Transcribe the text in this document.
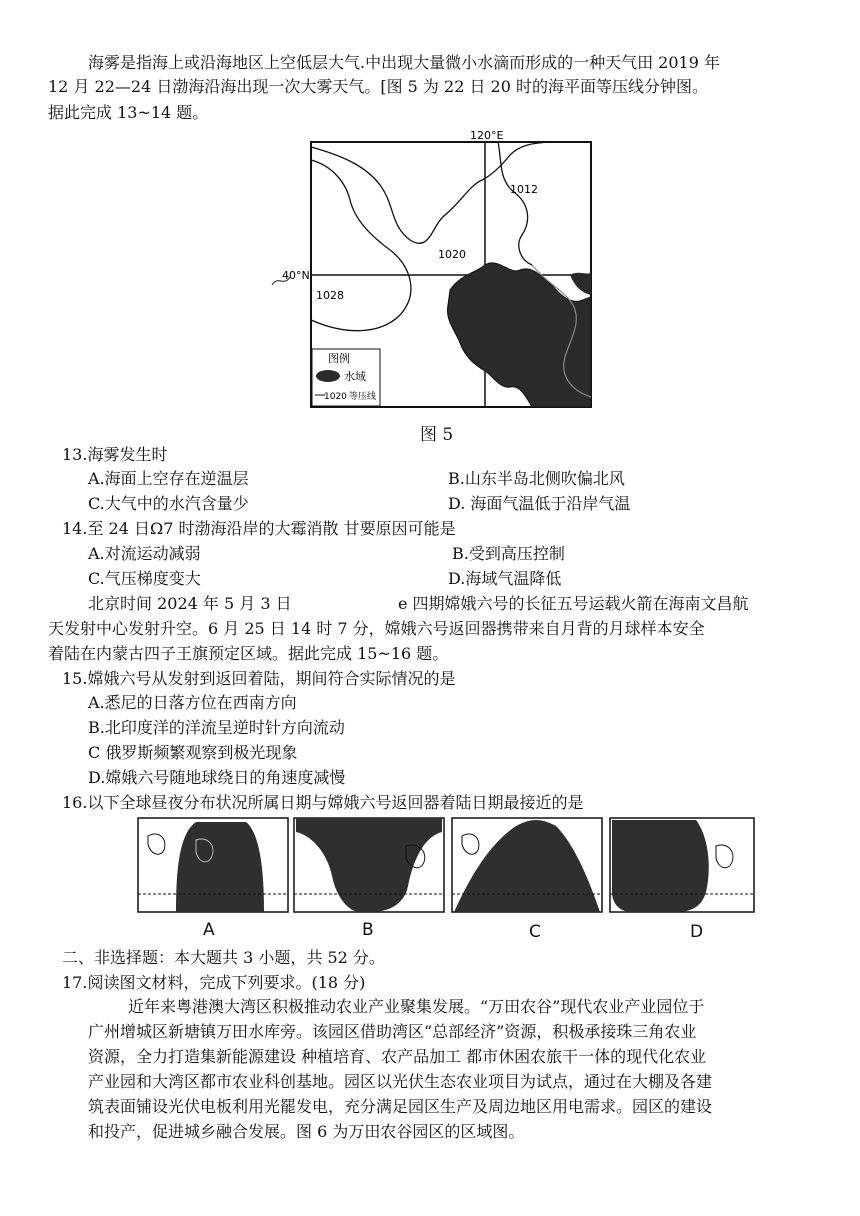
海雾是指海上或沿海地区上空低层大气.中出现大量微小水滴而形成的一种天气田 2019 年
12 月 22—24 日渤海沿海出现一次大雾天气。[图 5 为 22 日 20 时的海平面等压线分钟图。
据此完成 13~14 题。
120°E
1012
1020
1028
40°N
图例
水域
1020 等压线
图 5
13.海雾发生时
A.海面上空存在逆温层	B.山东半岛北侧吹偏北风
C.大气中的水汽含量少	D. 海面气温低于沿岸气温
14.至 24 日Ω7 时渤海沿岸的大霉消散 甘要原因可能是
A.对流运动减弱	B.受到高压控制
C.气压梯度变大	D.海域气温降低
北京时间 2024 年 5 月 3 日	e 四期嫦娥六号的长征五号运载火箭在海南文昌航
天发射中心发射升空。6 月 25 日 14 时 7 分，嫦娥六号返回器携带来自月背的月球样本安全
着陆在内蒙古四子王旗预定区域。据此完成 15~16 题。
15.嫦娥六号从发射到返回着陆，期间符合实际情况的是
A.悉尼的日落方位在西南方向
B.北印度洋的洋流呈逆时针方向流动
C 俄罗斯频繁观察到极光现象
D.嫦娥六号随地球绕日的角速度减慢
16.以下全球昼夜分布状况所属日期与嫦娥六号返回器着陆日期最接近的是
A	B	C	D
二、非选择题：本大题共 3 小题，共 52 分。
17.阅读图文材料，完成下列要求。(18 分)
近年来粤港澳大湾区积极推动农业产业聚集发展。“万田农谷”现代农业产业园位于
广州增城区新塘镇万田水库旁。该园区借助湾区“总部经济”资源，积极承接珠三角农业
资源，全力打造集新能源建设 种植培育、农产品加工 都市休困农旅干一体的现代化农业
产业园和大湾区都市农业科创基地。园区以光伏生态农业项目为试点，通过在大棚及各建
筑表面铺设光伏电板利用光罷发电，充分满足园区生产及周边地区用电需求。园区的建设
和投产，促进城乡融合发展。图 6 为万田农谷园区的区域图。
